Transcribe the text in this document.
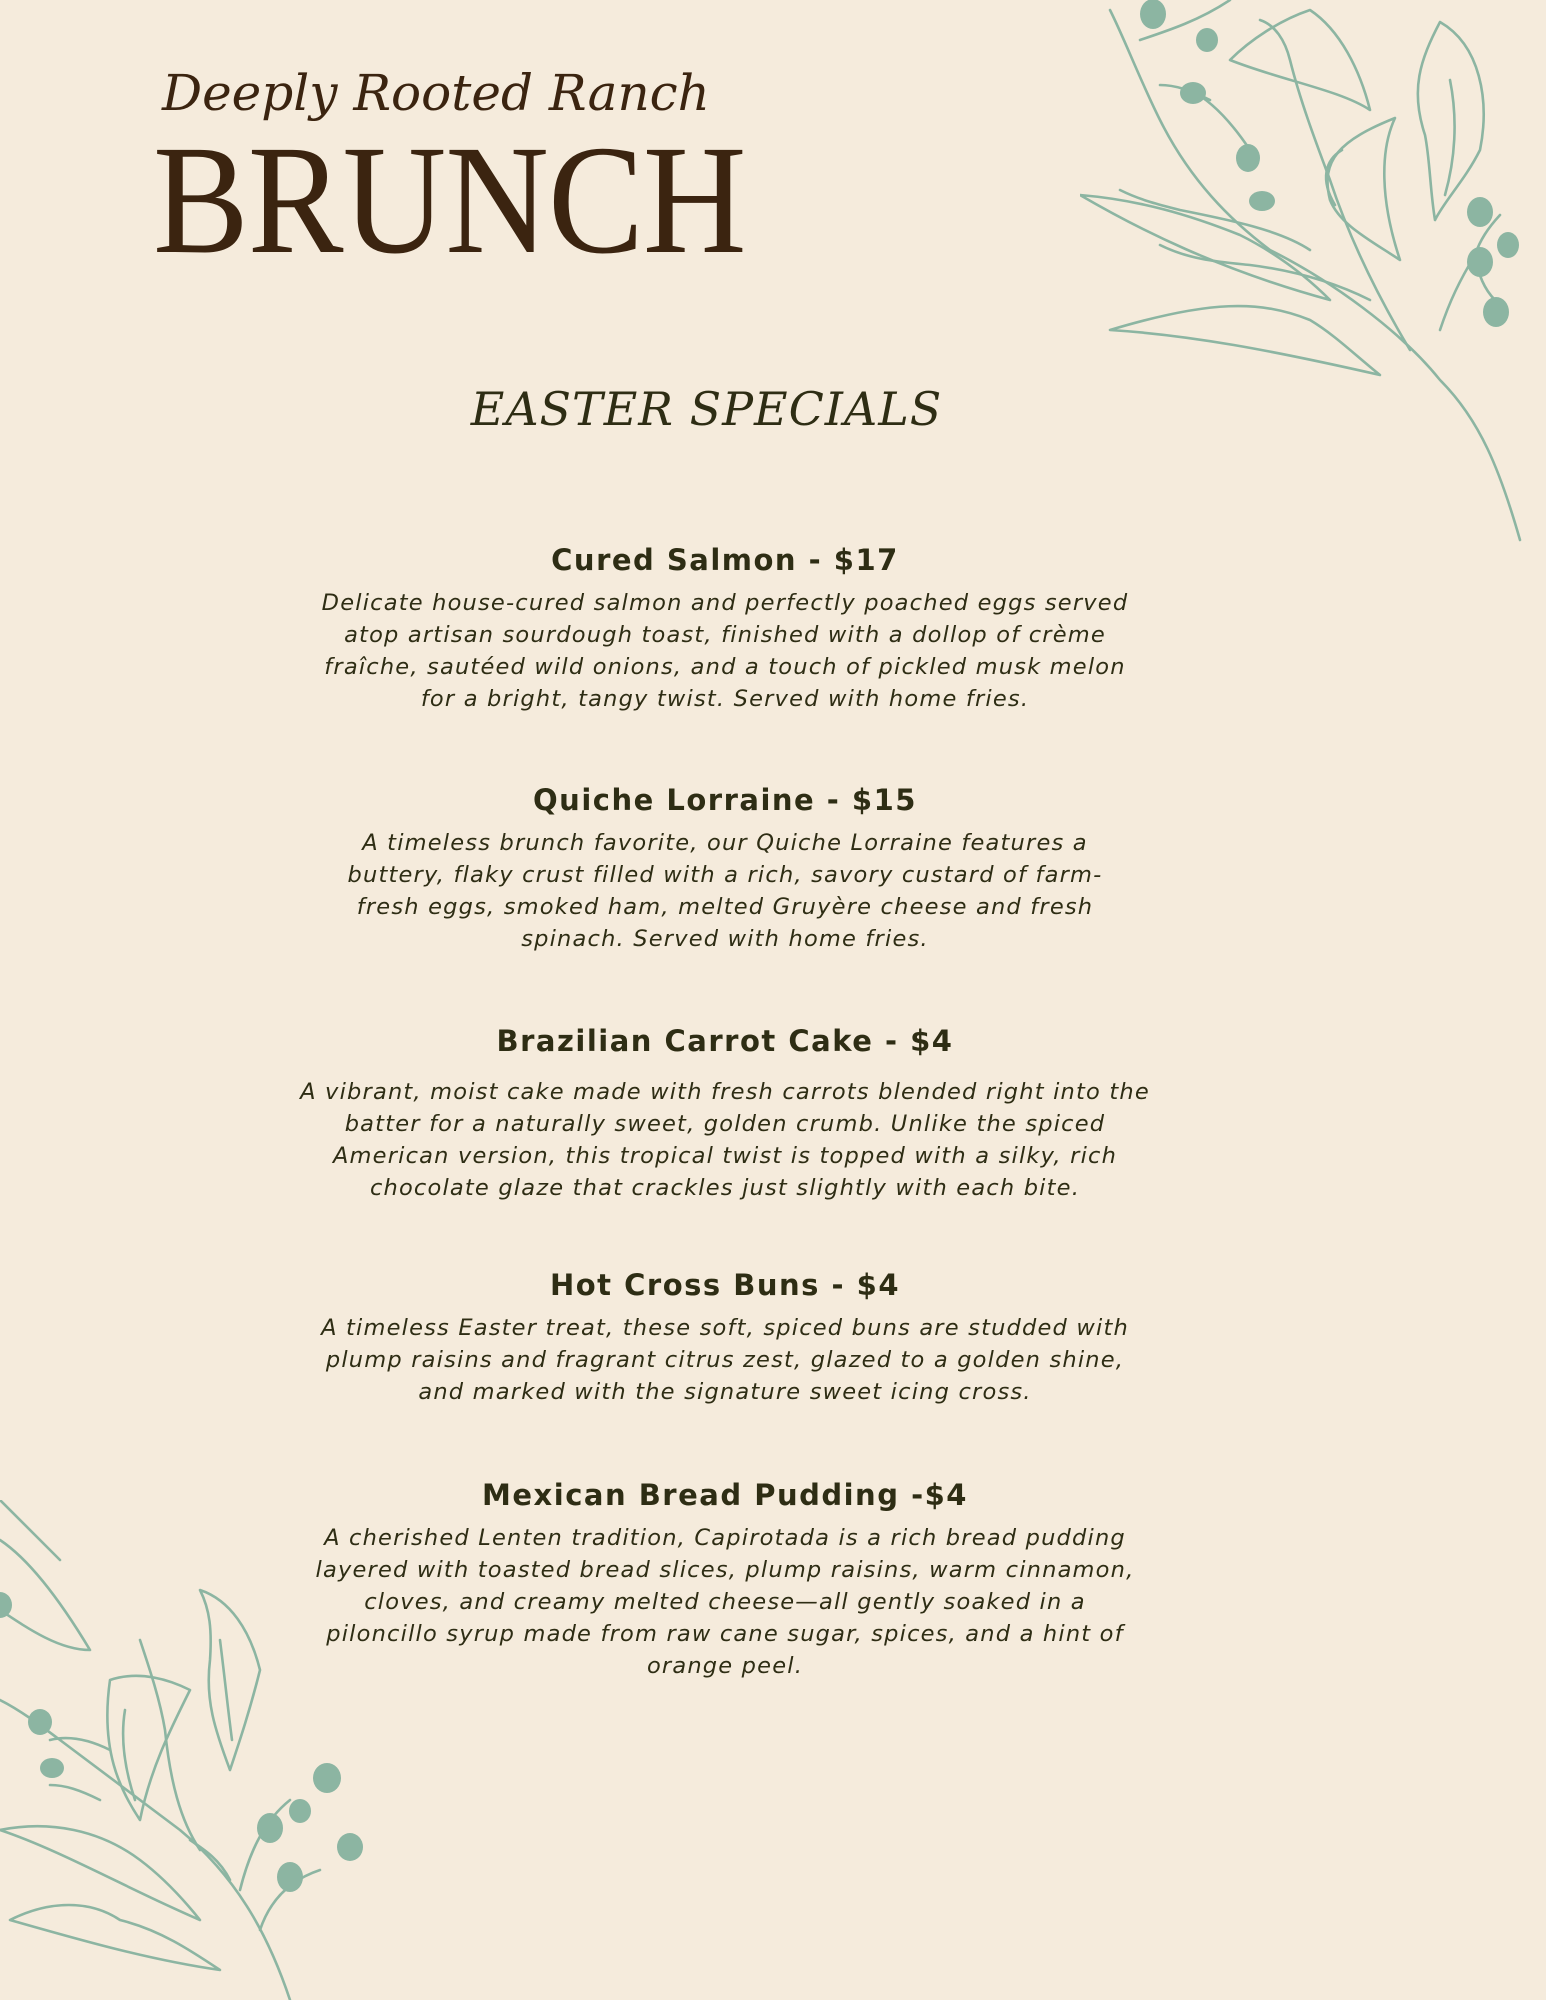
Deeply Rooted Ranch
BRUNCH
EASTER SPECIALS
Cured Salmon - $17

Delicate house-cured salmon and perfectly poached eggs served atop artisan sourdough toast, finished with a dollop of crème fraîche, sautéed wild onions, and a touch of pickled musk melon for a bright, tangy twist. Served with home fries.

Quiche Lorraine - $15

A timeless brunch favorite, our Quiche Lorraine features a buttery, flaky crust filled with a rich, savory custard of farm-fresh eggs, smoked ham, melted Gruyère cheese and fresh spinach. Served with home fries.

Brazilian Carrot Cake - $4

A vibrant, moist cake made with fresh carrots blended right into the batter for a naturally sweet, golden crumb. Unlike the spiced American version, this tropical twist is topped with a silky, rich chocolate glaze that crackles just slightly with each bite.

Hot Cross Buns - $4

A timeless Easter treat, these soft, spiced buns are studded with plump raisins and fragrant citrus zest, glazed to a golden shine, and marked with the signature sweet icing cross.

Mexican Bread Pudding -$4

A cherished Lenten tradition, Capirotada is a rich bread pudding layered with toasted bread slices, plump raisins, warm cinnamon, cloves, and creamy melted cheese—all gently soaked in a piloncillo syrup made from raw cane sugar, spices, and a hint of orange peel.
